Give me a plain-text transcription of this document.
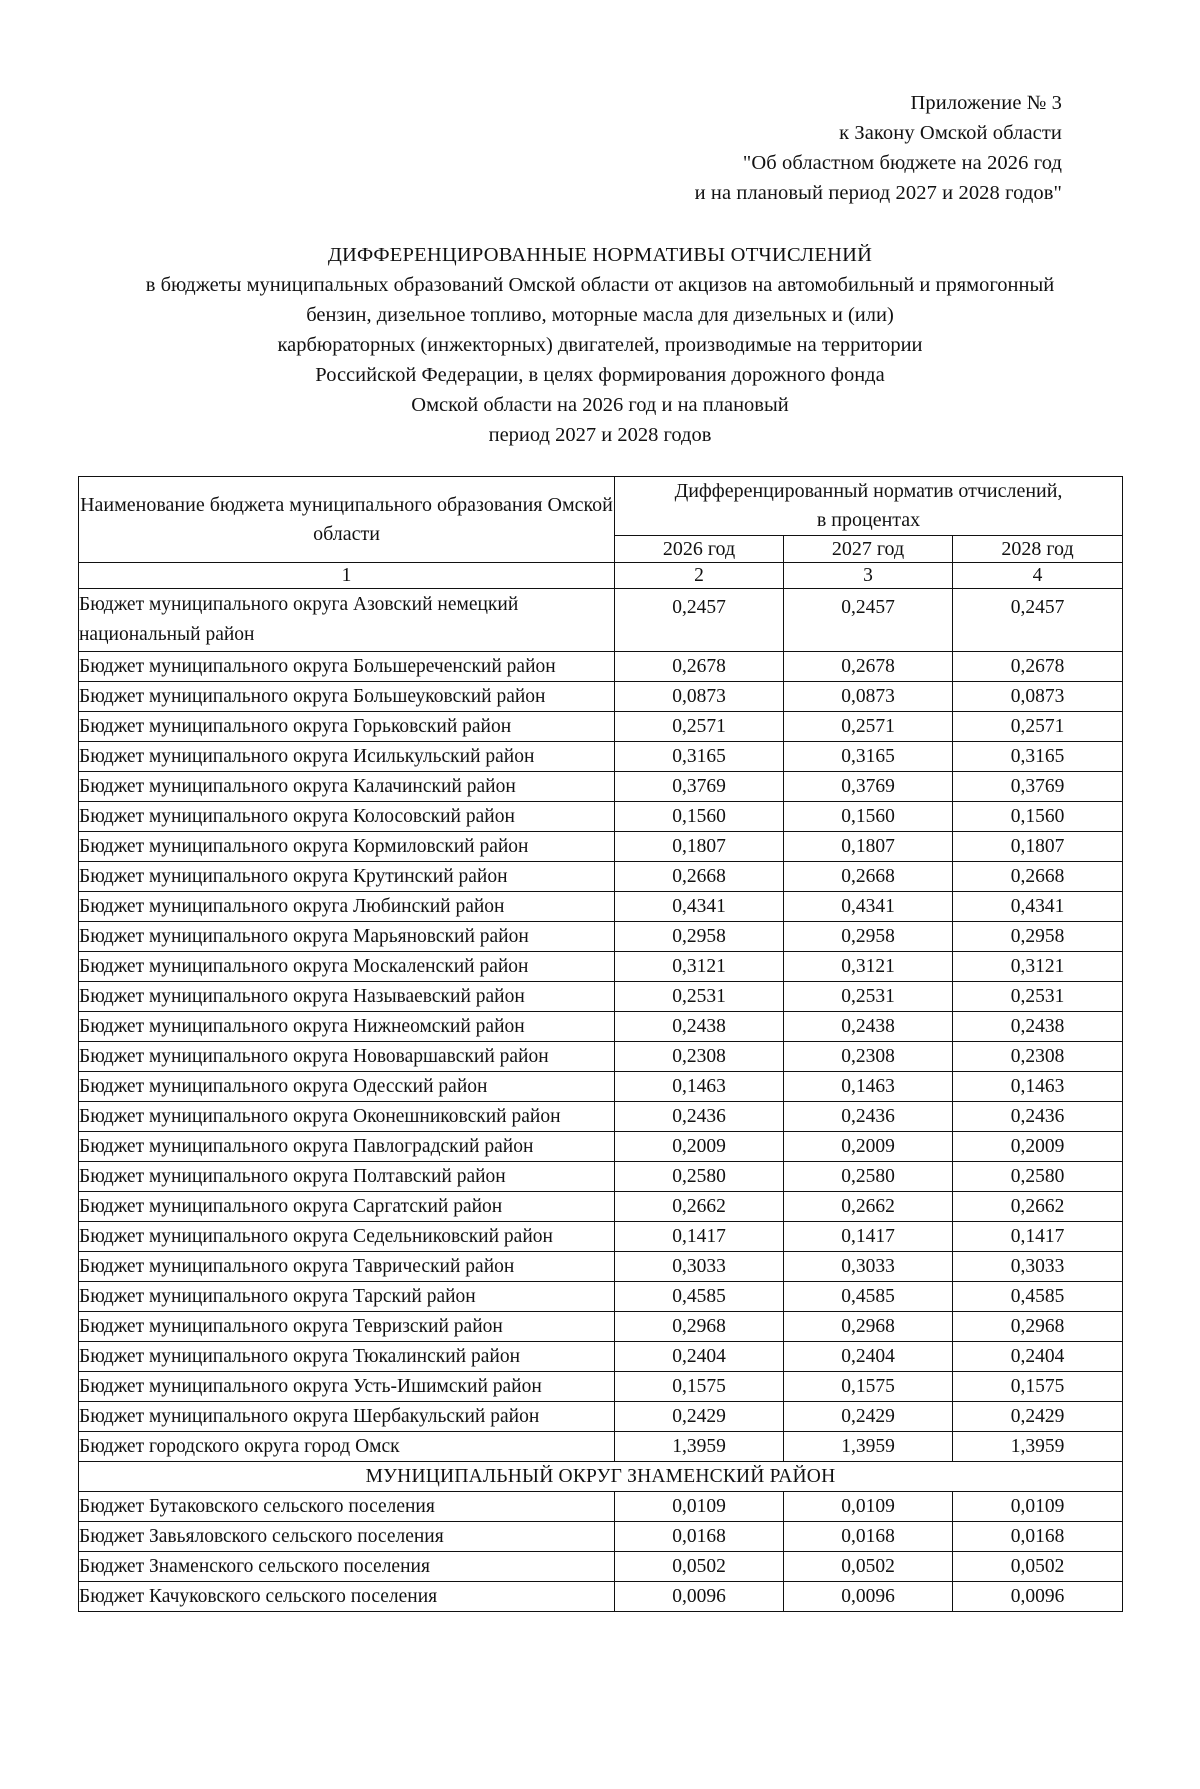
Приложение № 3
к Закону Омской области
"Об областном бюджете на 2026 год
и на плановый период 2027 и 2028 годов"
ДИФФЕРЕНЦИРОВАННЫЕ НОРМАТИВЫ ОТЧИСЛЕНИЙ
в бюджеты муниципальных образований Омской области от акцизов на автомобильный и прямогонный
бензин, дизельное топливо, моторные масла для дизельных и (или)
карбюраторных (инжекторных) двигателей, производимые на территории
Российской Федерации, в целях формирования дорожного фонда
Омской области на 2026 год и на плановый
период 2027 и 2028 годов
Наименование бюджета муниципального образования Омской области	Дифференцированный норматив отчислений,
в процентах		

	2026 год	2027 год	2028 год
1	2	3	4
Бюджет муниципального округа Азовский немецкий национальный район	0,2457	0,2457	0,2457
Бюджет муниципального округа Большереченский район	0,2678	0,2678	0,2678
Бюджет муниципального округа Большеуковский район	0,0873	0,0873	0,0873
Бюджет муниципального округа Горьковский район	0,2571	0,2571	0,2571
Бюджет муниципального округа Исилькульский район	0,3165	0,3165	0,3165
Бюджет муниципального округа Калачинский район	0,3769	0,3769	0,3769
Бюджет муниципального округа Колосовский район	0,1560	0,1560	0,1560
Бюджет муниципального округа Кормиловский район	0,1807	0,1807	0,1807
Бюджет муниципального округа Крутинский район	0,2668	0,2668	0,2668
Бюджет муниципального округа Любинский район	0,4341	0,4341	0,4341
Бюджет муниципального округа Марьяновский район	0,2958	0,2958	0,2958
Бюджет муниципального округа Москаленский район	0,3121	0,3121	0,3121
Бюджет муниципального округа Называевский район	0,2531	0,2531	0,2531
Бюджет муниципального округа Нижнеомский район	0,2438	0,2438	0,2438
Бюджет муниципального округа Нововаршавский район	0,2308	0,2308	0,2308
Бюджет муниципального округа Одесский район	0,1463	0,1463	0,1463
Бюджет муниципального округа Оконешниковский район	0,2436	0,2436	0,2436
Бюджет муниципального округа Павлоградский район	0,2009	0,2009	0,2009
Бюджет муниципального округа Полтавский район	0,2580	0,2580	0,2580
Бюджет муниципального округа Саргатский район	0,2662	0,2662	0,2662
Бюджет муниципального округа Седельниковский район	0,1417	0,1417	0,1417
Бюджет муниципального округа Таврический район	0,3033	0,3033	0,3033
Бюджет муниципального округа Тарский район	0,4585	0,4585	0,4585
Бюджет муниципального округа Тевризский район	0,2968	0,2968	0,2968
Бюджет муниципального округа Тюкалинский район	0,2404	0,2404	0,2404
Бюджет муниципального округа Усть-Ишимский район	0,1575	0,1575	0,1575
Бюджет муниципального округа Шербакульский район	0,2429	0,2429	0,2429
Бюджет городского округа город Омск	1,3959	1,3959	1,3959
МУНИЦИПАЛЬНЫЙ ОКРУГ ЗНАМЕНСКИЙ РАЙОН			
Бюджет Бутаковского сельского поселения	0,0109	0,0109	0,0109
Бюджет Завьяловского сельского поселения	0,0168	0,0168	0,0168
Бюджет Знаменского сельского поселения	0,0502	0,0502	0,0502
Бюджет Качуковского сельского поселения	0,0096	0,0096	0,0096
